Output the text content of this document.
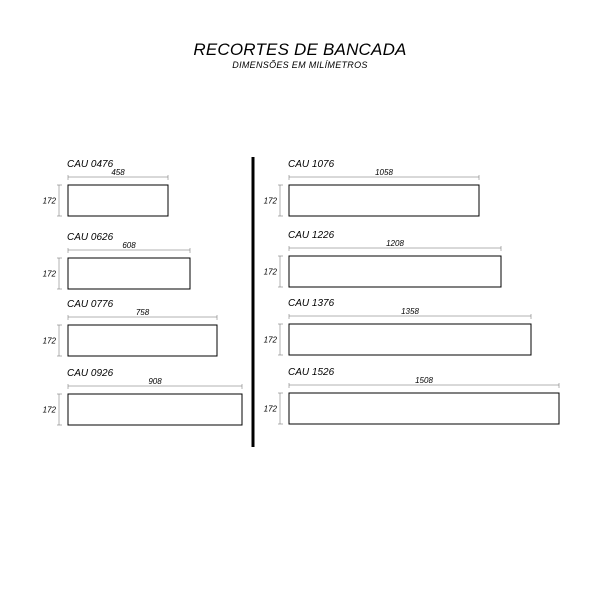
RECORTES DE BANCADA
DIMENSÕES EM MILÍMETROS
CAU 0476
458
172
CAU 0626
608
172
CAU 0776
758
172
CAU 0926
908
172
CAU 1076
1058
172
CAU 1226
1208
172
CAU 1376
1358
172
CAU 1526
1508
172
